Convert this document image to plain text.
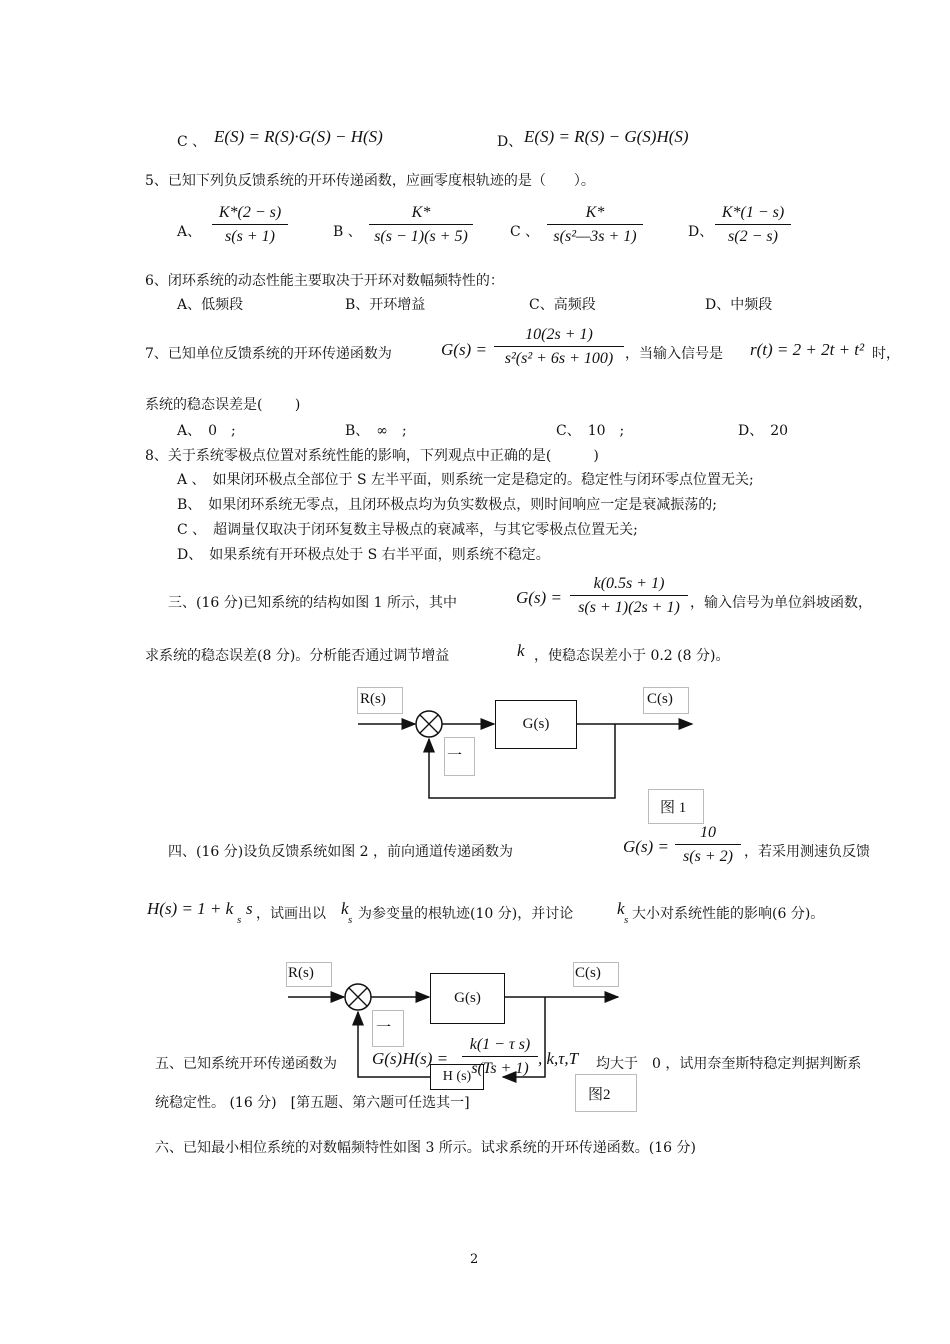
C 、 E(S) = R(S)·G(S) − H(S)	D、 E(S) = R(S) − G(S)H(S)
5、已知下列负反馈系统的开环传递函数，应画零度根轨迹的是（　　）。
A、
K*(2 − s)
s(s + 1)	B 、
K*
s(s − 1)(s + 5)	C 、
K*
s(s²—3s + 1)	D、
K*(1 − s)
s(2 − s)
6、闭环系统的动态性能主要取决于开环对数幅频特性的：
A、低频段	B、开环增益	C、高频段	D、中频段
7、已知单位反馈系统的开环传递函数为	G(s) =
10(2s + 1)
s²(s² + 6s + 100) ，当输入信号是 r(t) = 2 + 2t + t² 时，
系统的稳态误差是(　　 )
A、　0　;	B、　∞　;	C、　10　;	D、　20
8、关于系统零极点位置对系统性能的影响，下列观点中正确的是(　　　)
A 、　如果闭环极点全部位于 S 左半平面，则系统一定是稳定的。稳定性与闭环零点位置无关;
B、　如果闭环系统无零点，且闭环极点均为负实数极点，则时间响应一定是衰减振荡的;
C 、　超调量仅取决于闭环复数主导极点的衰减率，与其它零极点位置无关;
D、　如果系统有开环极点处于 S 右半平面，则系统不稳定。
三、(16 分)已知系统的结构如图 1 所示，其中	G(s) =
k(0.5s + 1)
s(s + 1)(2s + 1) ，输入信号为单位斜坡函数，
求系统的稳态误差(8 分)。分析能否通过调节增益	k ，使稳态误差小于 0.2 (8 分)。
G(s)
R(s)	C(s)
一
图 1
四、(16 分)设负反馈系统如图 2 ，前向通道传递函数为	G(s) =
10
s(s + 2) ，若采用测速负反馈
H(s) = 1 + k
s
s ，试画出以 k
s 为参变量的根轨迹(10 分)，并讨论	k
s 大小对系统性能的影响(6 分)。
G(s)
H (s)
R(s)	C(s)
一
图2
五、已知系统开环传递函数为 G(s)H(s) =
k(1 − τ s)
s(Ts + 1)
, k,τ,T 均大于　0 ，试用奈奎斯特稳定判据判断系
统稳定性。 (16 分)　[第五题、第六题可任选其一]
六、已知最小相位系统的对数幅频特性如图 3 所示。试求系统的开环传递函数。(16 分)
2
